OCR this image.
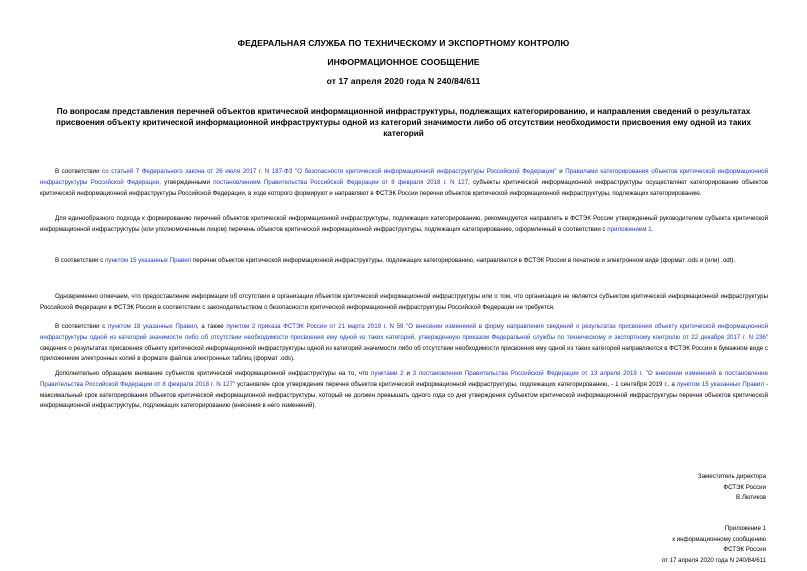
ФЕДЕРАЛЬНАЯ СЛУЖБА ПО ТЕХНИЧЕСКОМУ И ЭКСПОРТНОМУ КОНТРОЛЮ
ИНФОРМАЦИОННОЕ СООБЩЕНИЕ
от 17 апреля 2020 года N 240/84/611
По вопросам представления перечней объектов критической информационной инфраструктуры, подлежащих категорированию, и направления сведений о результатах присвоения объекту критической информационной инфраструктуры одной из категорий значимости либо об отсутствии необходимости присвоения ему одной из таких категорий
В соответствии со статьей 7 Федерального закона от 26 июля 2017 г. N 187-ФЗ "О безопасности критической информационной инфраструктуры Российской Федерации" и Правилами категорирования объектов критической информационной инфраструктуры Российской Федерации, утвержденными постановлением Правительства Российской Федерации от 8 февраля 2018 г. N 127, субъекты критической информационной инфраструктуры осуществляют категорирование объектов критической информационной инфраструктуры Российской Федерации, в ходе которого формируют и направляют в ФСТЭК России перечни объектов критической информационной инфраструктуры, подлежащих категорированию.
Для единообразного подхода к формированию перечней объектов критической информационной инфраструктуры, подлежащих категорированию, рекомендуется направлять в ФСТЭК России утвержденный руководителем субъекта критической информационной инфраструктуры (или уполномоченным лицом) перечень объектов критической информационной инфраструктуры, подлежащих категорированию, оформленный в соответствии с приложением 1.
В соответствии с пунктом 15 указанных Правил перечни объектов критической информационной инфраструктуры, подлежащих категорированию, направляются в ФСТЭК России в печатном и электронном виде (формат .ods и (или) .odt).
Одновременно отмечаем, что предоставление информации об отсутствии в организации объектов критической информационной инфраструктуры или о том, что организация не является субъектом критической информационной инфраструктуры Российской Федерации в ФСТЭК России в соответствии с законодательством о безопасности критической информационной инфраструктуры Российской Федерации не требуется.
В соответствии с пунктом 18 указанных Правил, а также пунктом 2 приказа ФСТЭК России от 21 марта 2019 г. N 59 "О внесении изменений в форму направления сведений о результатах присвоения объекту критической информационной инфраструктуры одной из категорий значимости либо об отсутствии необходимости присвоения ему одной из таких категорий, утвержденную приказом Федеральной службы по техническому и экспортному контролю от 22 декабря 2017 г. N 236" сведения о результатах присвоения объекту критической информационной инфраструктуры одной из категорий значимости либо об отсутствии необходимости присвоения ему одной из таких категорий направляются в ФСТЭК России в бумажном виде с приложением электронных копий в формате файлов электронных таблиц (формат .ods).
Дополнительно обращаем внимание субъектов критической информационной инфраструктуры на то, что пунктами 2 и 3 постановления Правительства Российской Федерации от 13 апреля 2019 г. "О внесении изменений в постановление Правительства Российской Федерации от 8 февраля 2018 г. N 127" установлен срок утверждения перечня объектов критической информационной инфраструктуры, подлежащих категорированию, - 1 сентября 2019 г., а пунктом 15 указанных Правил - максимальный срок категорирования объектов критической информационной инфраструктуры, который не должен превышать одного года со дня утверждения субъектом критической информационной инфраструктуры перечня объектов критической информационной инфраструктуры, подлежащих категорированию (внесения в него изменений).
Заместитель директора
ФСТЭК России
В.Лютиков
Приложение 1
к информационному сообщению
ФСТЭК России
от 17 апреля 2020 года N 240/84/611
